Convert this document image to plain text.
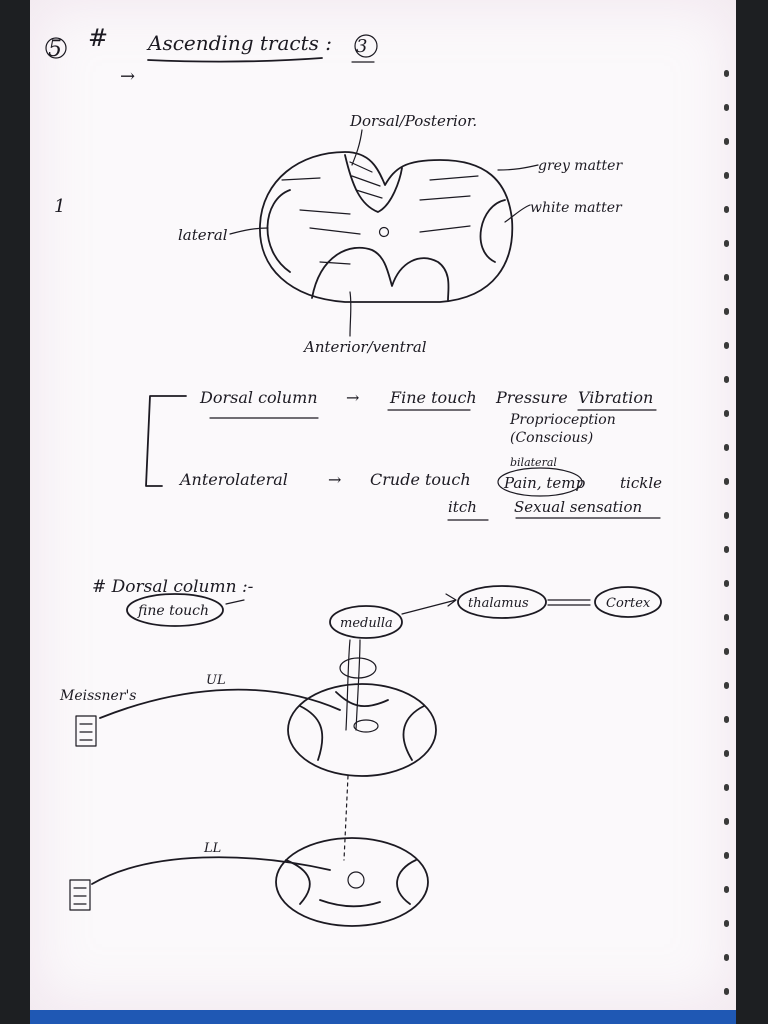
5 # Ascending tracts : 3
→
1
Dorsal/Posterior.
grey matter
white matter
lateral
Anterior/ventral
Dorsal column → Fine touch Pressure Vibration
Proprioception
(Conscious)
Anterolateral	→ Crude touch
bilateral
Pain, temp tickle
itch Sexual sensation
# Dorsal column :-
fine touch
medulla
thalamus	Cortex
Meissner's
UL
LL
